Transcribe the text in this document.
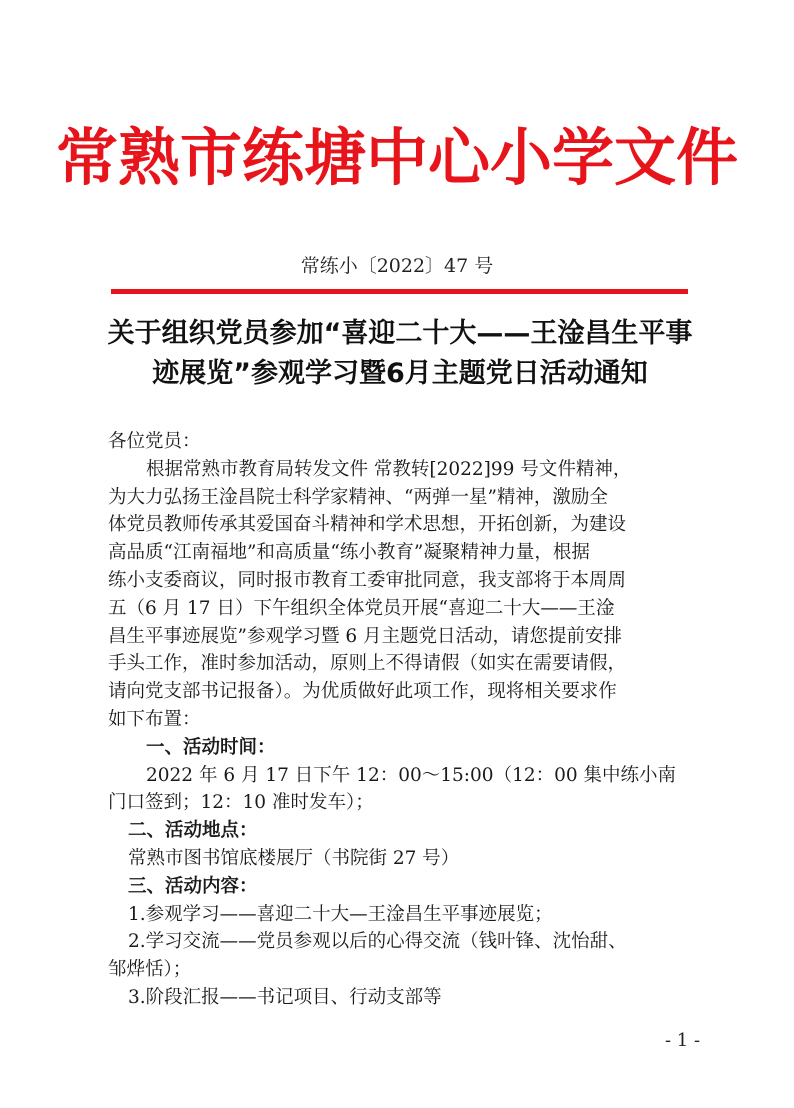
常熟市练塘中心小学文件
常练小〔2022〕47 号
关于组织党员参加“喜迎二十大——王淦昌生平事
迹展览”参观学习暨6月主题党日活动通知
各位党员：
根据常熟市教育局转发文件 常教转[2022]99 号文件精神，
为大力弘扬王淦昌院士科学家精神、“两弹一星”精神，激励全
体党员教师传承其爱国奋斗精神和学术思想，开拓创新，为建设
高品质“江南福地”和高质量“练小教育”凝聚精神力量，根据
练小支委商议，同时报市教育工委审批同意，我支部将于本周周
五（6 月 17 日）下午组织全体党员开展“喜迎二十大——王淦
昌生平事迹展览”参观学习暨 6 月主题党日活动，请您提前安排
手头工作，准时参加活动，原则上不得请假（如实在需要请假，
请向党支部书记报备）。为优质做好此项工作，现将相关要求作
如下布置：
一、活动时间：
2022 年 6 月 17 日下午 12：00～15:00（12：00 集中练小南
门口签到；12：10 准时发车）；
二、活动地点：
常熟市图书馆底楼展厅（书院街 27 号）
三、活动内容：
1.参观学习——喜迎二十大—王淦昌生平事迹展览；
2.学习交流——党员参观以后的心得交流（钱叶锋、沈怡甜、
邹烨恬）；
3.阶段汇报——书记项目、行动支部等
- 1 -
